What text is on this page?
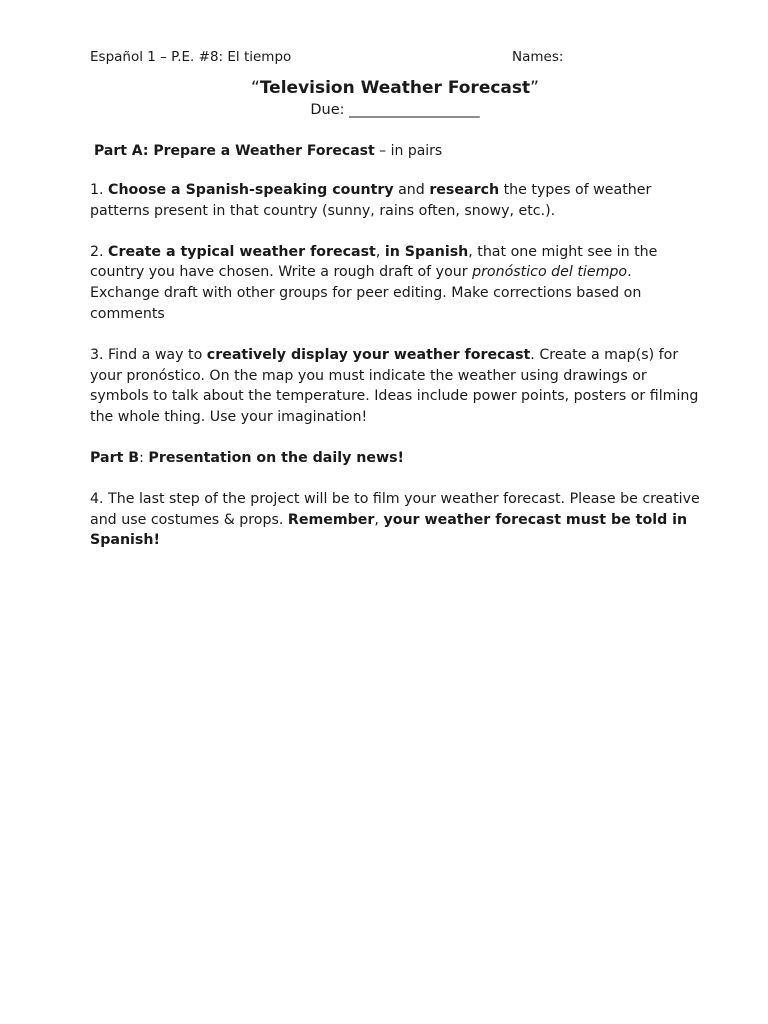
Español 1 – P.E. #8: El tiempo	Names:
“Television Weather Forecast”
Due: __________________
Part A: Prepare a Weather Forecast – in pairs
1. Choose a Spanish-speaking country and research the types of weather patterns present in that country (sunny, rains often, snowy, etc.).
2. Create a typical weather forecast, in Spanish, that one might see in the country you have chosen. Write a rough draft of your pronóstico del tiempo. Exchange draft with other groups for peer editing. Make corrections based on comments
3. Find a way to creatively display your weather forecast. Create a map(s) for your pronóstico. On the map you must indicate the weather using drawings or symbols to talk about the temperature. Ideas include power points, posters or filming the whole thing. Use your imagination!
Part B: Presentation on the daily news!
4. The last step of the project will be to film your weather forecast. Please be creative and use costumes & props. Remember, your weather forecast must be told in Spanish!
